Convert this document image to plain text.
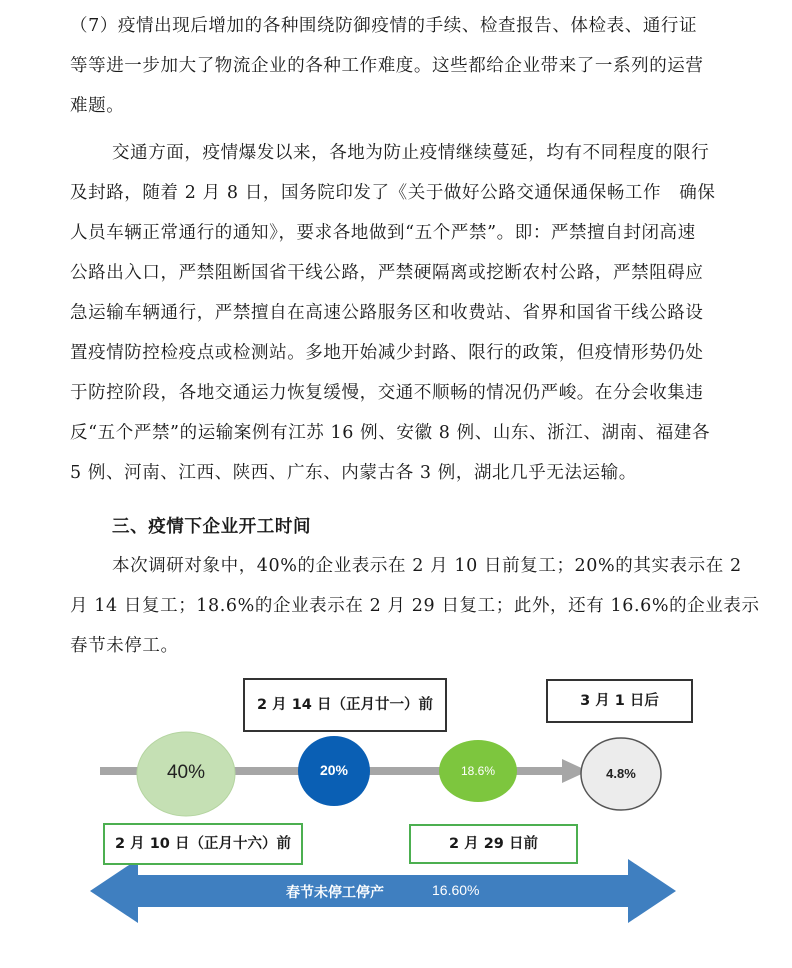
（7）疫情出现后增加的各种围绕防御疫情的手续、检查报告、体检表、通行证
等等进一步加大了物流企业的各种工作难度。这些都给企业带来了一系列的运营
难题。
交通方面，疫情爆发以来，各地为防止疫情继续蔓延，均有不同程度的限行
及封路，随着 2 月 8 日，国务院印发了《关于做好公路交通保通保畅工作　确保
人员车辆正常通行的通知》，要求各地做到“五个严禁”。即：严禁擅自封闭高速
公路出入口，严禁阻断国省干线公路，严禁硬隔离或挖断农村公路，严禁阻碍应
急运输车辆通行，严禁擅自在高速公路服务区和收费站、省界和国省干线公路设
置疫情防控检疫点或检测站。多地开始减少封路、限行的政策，但疫情形势仍处
于防控阶段，各地交通运力恢复缓慢，交通不顺畅的情况仍严峻。在分会收集违
反“五个严禁”的运输案例有江苏 16 例、安徽 8 例、山东、浙江、湖南、福建各
5 例、河南、江西、陕西、广东、内蒙古各 3 例，湖北几乎无法运输。
三、疫情下企业开工时间
本次调研对象中，40%的企业表示在 2 月 10 日前复工；20%的其实表示在 2
月 14 日复工；18.6%的企业表示在 2 月 29 日复工；此外，还有 16.6%的企业表示
春节未停工。
2 月 14 日（正月廿一）前	3 月 1 日后
2 月 10 日（正月十六）前	2 月 29 日前
40%	20%	18.6%	4.8%
春节未停工停产	16.60%
